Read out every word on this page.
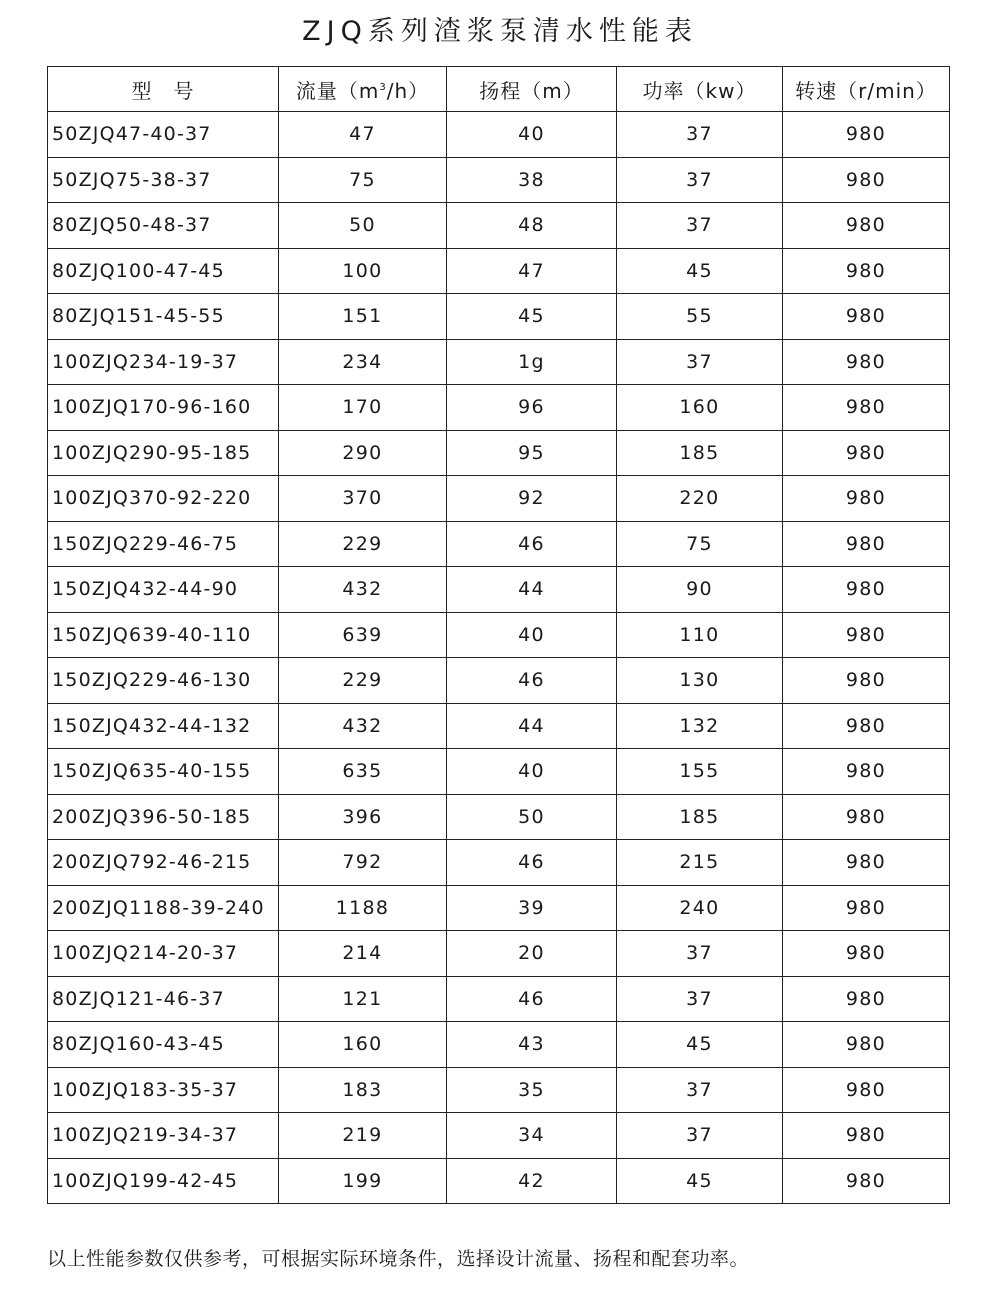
ZJQ系列渣浆泵清水性能表
型　号	流量$(m^3/h)$	扬程（m）	功率（kw）	转速（r/min）
50ZJQ47-40-37	47	40	37	980
50ZJQ75-38-37	75	38	37	980
80ZJQ50-48-37	50	48	37	980
80ZJQ100-47-45	100	47	45	980
80ZJQ151-45-55	151	45	55	980
100ZJQ234-19-37	234	1g	37	980
100ZJQ170-96-160	170	96	160	980
100ZJQ290-95-185	290	95	185	980
100ZJQ370-92-220	370	92	220	980
150ZJQ229-46-75	229	46	75	980
150ZJQ432-44-90	432	44	90	980
150ZJQ639-40-110	639	40	110	980
150ZJQ229-46-130	229	46	130	980
150ZJQ432-44-132	432	44	132	980
150ZJQ635-40-155	635	40	155	980
200ZJQ396-50-185	396	50	185	980
200ZJQ792-46-215	792	46	215	980
200ZJQ1188-39-240	1188	39	240	980
100ZJQ214-20-37	214	20	37	980
80ZJQ121-46-37	121	46	37	980
80ZJQ160-43-45	160	43	45	980
100ZJQ183-35-37	183	35	37	980
100ZJQ219-34-37	219	34	37	980
100ZJQ199-42-45	199	42	45	980
以上性能参数仅供参考，可根据实际环境条件，选择设计流量、扬程和配套功率。
